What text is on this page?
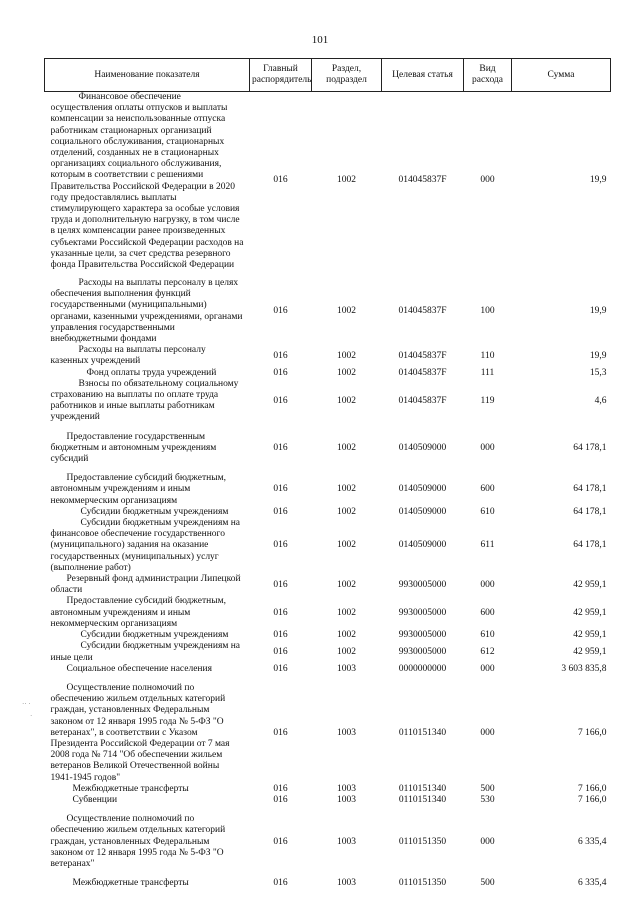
101
Наименование показателя	Главный распорядитель	Раздел, подраздел	Целевая статья	Вид расхода	Сумма

Финансовое обеспечение осуществления оплаты отпусков и выплаты компенсации за неиспользованные отпуска работникам стационарных организаций социального обслуживания, стационарных отделений, созданных не в стационарных организациях социального обслуживания, которым в соответствии с решениями Правительства Российской Федерации в 2020 году предоставлялись выплаты стимулирующего характера за особые условия труда и дополнительную нагрузку, в том числе в целях компенсации ранее произведенных субъектами Российской Федерации расходов на указанные цели, за счет средства резервного фонда Правительства Российской Федерации	016	1002	014045837F	000	19,9

Расходы на выплаты персоналу в целях обеспечения выполнения функций государственными (муниципальными) органами, казенными учреждениями, органами управления государственными внебюджетными фондами	016	1002	014045837F	100	19,9

Расходы на выплаты персоналу казенных учреждений	016	1002	014045837F	110	19,9

Фонд оплаты труда учреждений	016	1002	014045837F	111	15,3

Взносы по обязательному социальному страхованию на выплаты по оплате труда работников и иные выплаты работникам учреждений	016	1002	014045837F	119	4,6

Предоставление государственным бюджетным и автономным учреждениям субсидий	016	1002	0140509000	000	64 178,1

Предоставление субсидий бюджетным, автономным учреждениям и иным некоммерческим организациям	016	1002	0140509000	600	64 178,1

Субсидии бюджетным учреждениям	016	1002	0140509000	610	64 178,1

Субсидии бюджетным учреждениям на финансовое обеспечение государственного (муниципального) задания на оказание государственных (муниципальных) услуг (выполнение работ)	016	1002	0140509000	611	64 178,1

Резервный фонд администрации Липецкой области	016	1002	9930005000	000	42 959,1

Предоставление субсидий бюджетным, автономным учреждениям и иным некоммерческим организациям	016	1002	9930005000	600	42 959,1

Субсидии бюджетным учреждениям	016	1002	9930005000	610	42 959,1

Субсидии бюджетным учреждениям на иные цели	016	1002	9930005000	612	42 959,1

Социальное обеспечение населения	016	1003	0000000000	000	3 603 835,8

Осуществление полномочий по обеспечению жильем отдельных категорий граждан, установленных Федеральным законом от 12 января 1995 года № 5-ФЗ "О ветеранах", в соответствии с Указом Президента Российской Федерации от 7 мая 2008 года № 714 "Об обеспечении жильем ветеранов Великой Отечественной войны 1941-1945 годов"	016	1003	0110151340	000	7 166,0

Межбюджетные трансферты	016	1003	0110151340	500	7 166,0

Субвенции	016	1003	0110151340	530	7 166,0

Осуществление полномочий по обеспечению жильем отдельных категорий граждан, установленных Федеральным законом от 12 января 1995 года № 5-ФЗ "О ветеранах"	016	1003	0110151350	000	6 335,4

Межбюджетные трансферты	016	1003	0110151350	500	6 335,4
·· ·
·
